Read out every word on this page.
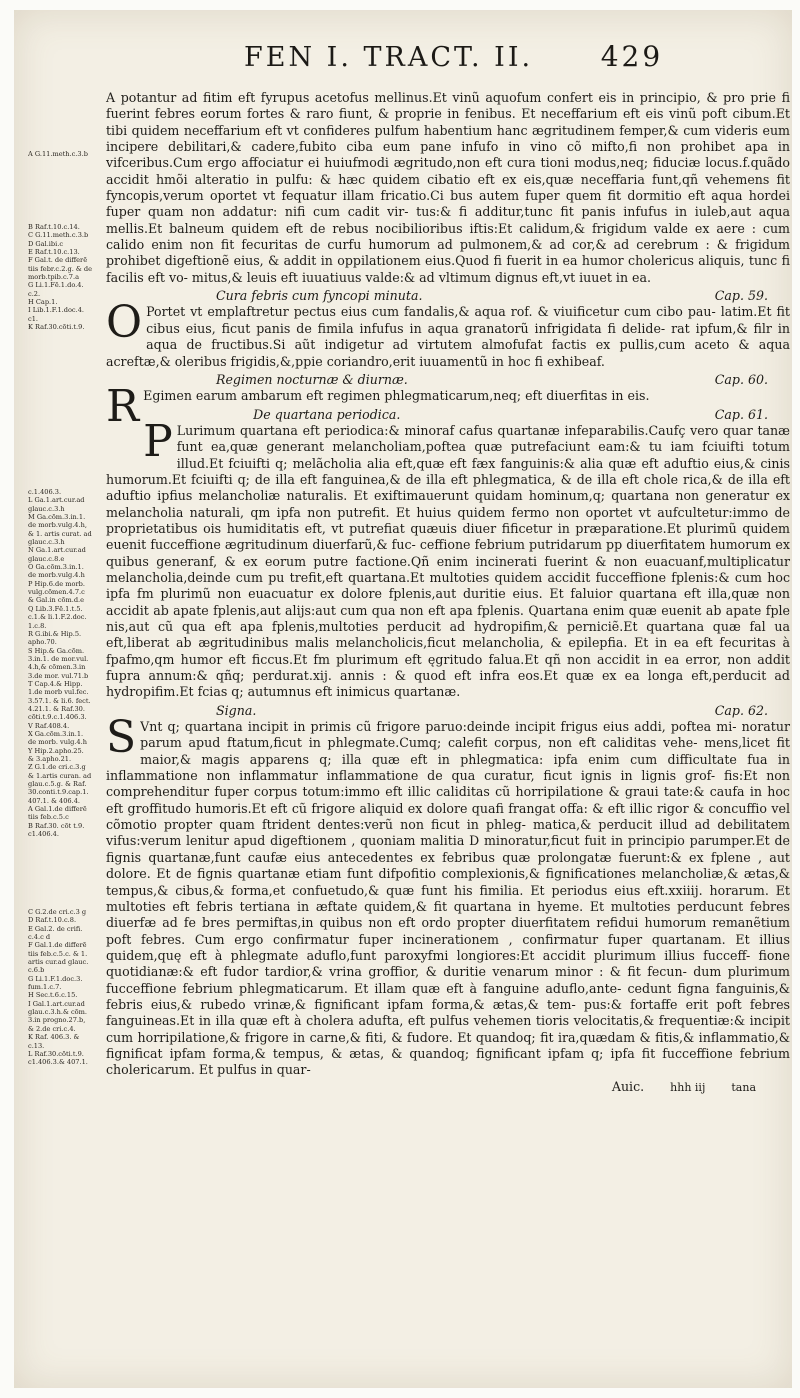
FEN I. TRACT. II. 429
A G.11.meth.c.3.b
B Raf.t.10.c.14.
C G.11.meth.c.3.b
D Gal.ibi.c
E Raf.t.10.c.13.
F Gal.t. de differẽ
tiis febr.c.2.g. & de
morb.tpib.c.7.a
G Li.1.Fẽ.1.do.4.
c.2.
H Cap.1.
I Lib.1.F.1.doc.4.
c1.
K Raf.30.cõti.t.9.
c.1.406.3.
L Ga.1.art.cur.ad
glauc.c.3.h
M Ga.cõm.3.in.1.
de morb.vulg.4.h,
& 1. artis curat. ad
glauc.c.3.h
N Ga.1.art.cur.ad
glauc.c.8.e
O Ga.cõm.3.in.1.
de morb.vulg.4.h
P Hip.6.de morb.
vulg.cõmen.4.7.c
& Gal.in cõm.d.e
Q Lib.3.Fẽ.1.t.5.
c.1.& li.1.F.2.doc.
1.c.8.
R G.ibi.& Hip.5.
apho.70.
S Hip.& Ga.cõm.
3.in.1. de mor.vul.
4.h,& cõmen.3.in
3.de mor. vul.71.b
T Cap.4.& Hipp.
1.de morb vul.fec.
3.57.1. & li.6. fect.
4.21.1. & Raf.30.
cõti.t.9.c.1.406.3.
V Raf.408.4.
X Ga.cõm.3.in.1.
de morb. vulg.4.h
Y Hip.2.apho.25.
& 3.apho.21.
Z G.1.de cri.c.3.g
& 1.artis curan. ad
glau.c.5.g. & Raf.
30.conti.t.9.cap.1.
407.1. & 406.4.
A Gal.1.de differẽ
tiis feb.c.5.c
B Raf.30. cõt t.9.
c1.406.4.
C G.2.de cri.c.3 g
D Raf.t.10.c.8.
E Gal.2. de crifi.
c.4.c d
F Gal.1.de differẽ
tiis feb.c.5.c. & 1.
artis cur.ad glauc.
c.6.b
G Li.1.F.1.doc.3.
fum.1.c.7.
H Sec.t.6.c.15.
I Gal.1.art.cur.ad
glau.c.3.h.& cõm.
3.in progno.27.b,
& 2.de cri.c.4.
K Raf. 406.3. &
c.13.
L Raf.30.cõti.t.9.
c1.406.3.& 407.1.

A potantur ad fitim eft fyrupus acetofus mellinus.Et vinũ aquofum confert eis in principio, & pro prie fi fuerint febres eorum fortes & raro fiunt, & proprie in fenibus. Et neceffarium eft eis vinũ poft cibum.Et tibi quidem neceffarium eft vt confideres pulfum habentium hanc ægritudinem femper,& cum videris eum incipere debilitari,& cadere,fubito ciba eum pane infufo in vino cõ mifto,fi non prohibet apa in vifceribus.Cum ergo affociatur ei huiufmodi ægritudo,non eft cura tioni modus,neq; fiduciæ locus.f.quãdo accidit hmõi alteratio in pulfu: & hæc quidem cibatio eft ex eis,quæ neceffaria funt,qñ vehemens fit fyncopis,verum oportet vt fequatur illam fricatio.Ci bus autem fuper quem fit dormitio eft aqua hordei fuper quam non addatur: nifi cum cadit vir- tus:& fi additur,tunc fit panis infufus in iuleb,aut aqua mellis.Et balneum quidem eft de rebus nocibilioribus iftis:Et calidum,& frigidum valde ex aere : cum calido enim non fit fecuritas de curfu humorum ad pulmonem,& ad cor,& ad cerebrum : & frigidum prohibet digeftionẽ eius, & addit in oppilationem eius.Quod fi fuerit in ea humor cholericus aliquis, tunc fi facilis eft vo- mitus,& leuis eft iuuatiuus valde:& ad vltimum dignus eft,vt iuuet in ea.

Cura febris cum fyncopi minuta.	Cap. 59.

O Portet vt emplaftretur pectus eius cum fandalis,& aqua rof. & viuificetur cum cibo pau- latim.Et fit cibus eius, ficut panis de fimila infufus in aqua granatorũ infrigidata fi delide- rat ipfum,& filr in aqua de fructibus.Si aũt indigetur ad virtutem almofufat factis ex pullis,cum aceto & aqua acreftæ,& oleribus frigidis,&,ppie coriandro,erit iuuamentũ in hoc fi exhibeaf.

Regimen nocturnæ & diurnæ.	Cap. 60.

R Egimen earum ambarum eft regimen phlegmaticarum,neq; eft diuerfitas in eis.

De quartana periodica.	Cap. 61.

P Lurimum quartana eft periodica:& minoraf cafus quartanæ infeparabilis.Caufç vero quar tanæ funt ea,quæ generant melancholiam,poftea quæ putrefaciunt eam:& tu iam fciuifti totum illud.Et fciuifti q; melãcholia alia eft,quæ eft fæx fanguinis:& alia quæ eft aduftio eius,& cinis humorum.Et fciuifti q; de illa eft fanguinea,& de illa eft phlegmatica, & de illa eft chole rica,& de illa eft aduftio ipfius melancholiæ naturalis. Et exiftimauerunt quidam hominum,q; quartana non generatur ex melancholia naturali, qm ipfa non putrefit. Et huius quidem fermo non oportet vt aufcultetur:immo de proprietatibus ois humiditatis eft, vt putrefiat quæuis diuer fificetur in præparatione.Et plurimũ quidem euenit fucceffione ægritudinum diuerfarũ,& fuc- ceffione febrium putridarum pp diuerfitatem humorum ex quibus generanf, & ex eorum putre factione.Qñ enim incinerati fuerint & non euacuanf,multiplicatur melancholia,deinde cum pu trefit,eft quartana.Et multoties quidem accidit fucceffione fplenis:& cum hoc ipfa fm plurimũ non euacuatur ex dolore fplenis,aut duritie eius. Et faluior quartana eft illa,quæ non accidit ab apate fplenis,aut alijs:aut cum qua non eft apa fplenis. Quartana enim quæ euenit ab apate fple nis,aut cũ qua eft apa fplenis,multoties perducit ad hydropifim,& perniciẽ.Et quartana quæ fal ua eft,liberat ab ægritudinibus malis melancholicis,ficut melancholia, & epilepfia. Et in ea eft fecuritas à fpafmo,qm humor eft ficcus.Et fm plurimum eft ęgritudo falua.Et qñ non accidit in ea error, non addit fupra annum:& qñq; perdurat.xij. annis : & quod eft infra eos.Et quæ ex ea longa eft,perducit ad hydropifim.Et fcias q; autumnus eft inimicus quartanæ.

Signa.	Cap. 62.

S Vnt q; quartana incipit in primis cũ frigore paruo:deinde incipit frigus eius addi, poftea mi- noratur parum apud ftatum,ficut in phlegmate.Cumq; calefit corpus, non eft caliditas vehe- mens,licet fit maior,& magis apparens q; illa quæ eft in phlegmatica: ipfa enim cum difficultate fua in inflammatione non inflammatur inflammatione de qua curatur, ficut ignis in lignis grof- fis:Et non comprehenditur fuper corpus totum:immo eft illic caliditas cũ horripilatione & graui tate:& caufa in hoc eft groffitudo humoris.Et eft cũ frigore aliquid ex dolore quafi frangat offa: & eft illic rigor & concuffio vel cõmotio propter quam ftrident dentes:verũ non ficut in phleg- matica,& perducit illud ad debilitatem vifus:verum lenitur apud digeftionem , quoniam malitia D minoratur,ficut fuit in principio parumper.Et de fignis quartanæ,funt caufæ eius antecedentes ex febribus quæ prolongatæ fuerunt:& ex fplene , aut dolore. Et de fignis quartanæ etiam funt difpofitio complexionis,& fignificationes melancholiæ,& ætas,& tempus,& cibus,& forma,et confuetudo,& quæ funt his fimilia. Et periodus eius eft.xxiiij. horarum. Et multoties eft febris tertiana in æftate quidem,& fit quartana in hyeme. Et multoties perducunt febres diuerfæ ad fe bres permiftas,in quibus non eft ordo propter diuerfitatem refidui humorum remanẽtium poft febres. Cum ergo confirmatur fuper incinerationem , confirmatur fuper quartanam. Et illius quidem,quę eft à phlegmate aduflo,funt paroxyfmi longiores:Et accidit plurimum illius fucceff- fione quotidianæ:& eft fudor tardior,& vrina groffior, & duritie venarum minor : & fit fecun- dum plurimum fucceffione febrium phlegmaticarum. Et illam quæ eft à fanguine aduflo,ante- cedunt figna fanguinis,& febris eius,& rubedo vrinæ,& fignificant ipfam forma,& ætas,& tem- pus:& fortaffe erit poft febres fanguineas.Et in illa quæ eft à cholera adufta, eft pulfus vehemen tioris velocitatis,& frequentiæ:& incipit cum horripilatione,& frigore in carne,& fiti, & fudore. Et quandoq; fit ira,quædam & fitis,& inflammatio,& fignificat ipfam forma,& tempus, & ætas, & quandoq; fignificant ipfam q; ipfa fit fucceffione febrium cholericarum. Et pulfus in quar-

Auic. hhh iij tana
